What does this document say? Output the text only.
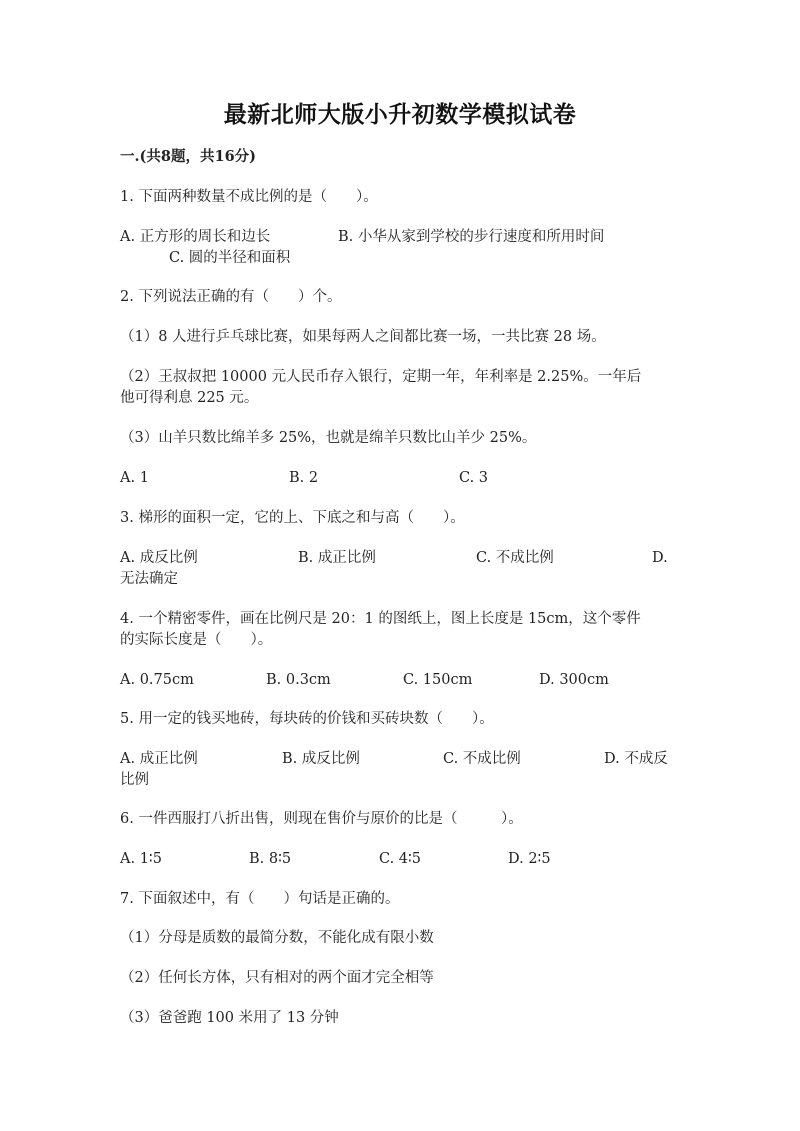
最新北师大版小升初数学模拟试卷
一.(共8题，共16分)
1. 下面两种数量不成比例的是（　　）。
A. 正方形的周长和边长	B. 小华从家到学校的步行速度和所用时间
C. 圆的半径和面积
2. 下列说法正确的有（　　）个。
（1）8 人进行乒乓球比赛，如果每两人之间都比赛一场，一共比赛 28 场。
（2）王叔叔把 10000 元人民币存入银行，定期一年，年利率是 2.25%。一年后
他可得利息 225 元。
（3）山羊只数比绵羊多 25%，也就是绵羊只数比山羊少 25%。
A. 1	B. 2	C. 3
3. 梯形的面积一定，它的上、下底之和与高（　　）。
A. 成反比例	B. 成正比例	C. 不成比例	D.
无法确定
4. 一个精密零件，画在比例尺是 20：1 的图纸上，图上长度是 15cm，这个零件
的实际长度是（　　）。
A. 0.75cm	B. 0.3cm	C. 150cm	D. 300cm
5. 用一定的钱买地砖，每块砖的价钱和买砖块数（　　）。
A. 成正比例	B. 成反比例	C. 不成比例	D. 不成反
比例
6. 一件西服打八折出售，则现在售价与原价的比是（　　　）。
A. 1∶5	B. 8∶5	C. 4∶5	D. 2∶5
7. 下面叙述中，有（　　）句话是正确的。
（1）分母是质数的最简分数，不能化成有限小数
（2）任何长方体，只有相对的两个面才完全相等
（3）爸爸跑 100 米用了 13 分钟
